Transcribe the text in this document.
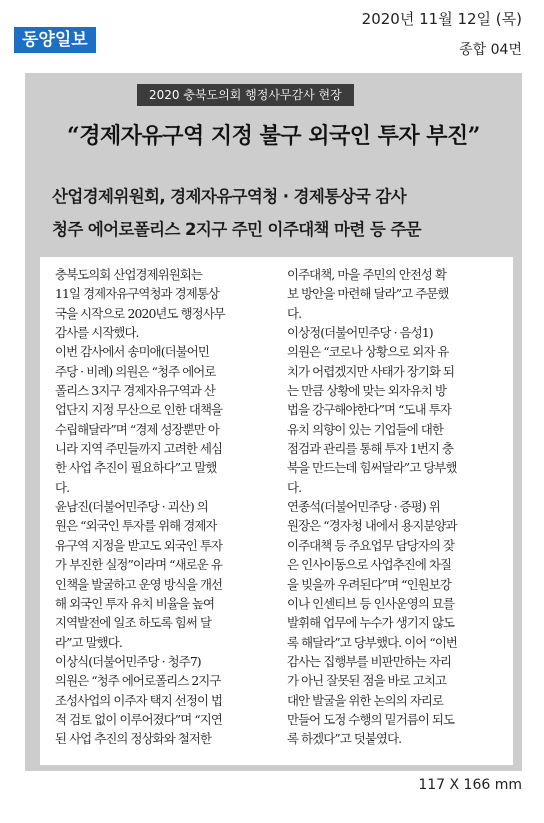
동양일보
2020년 11월 12일 (목)
종합 04면
2020 충북도의회 행정사무감사 현장
“경제자유구역 지정 불구 외국인 투자 부진”
산업경제위원회, 경제자유구역청 · 경제통상국 감사
청주 에어로폴리스 2지구 주민 이주대책 마련 등 주문
충북도의회 산업경제위원회는
11일 경제자유구역청과 경제통상
국을 시작으로 2020년도 행정사무
감사를 시작했다.
이번 감사에서 송미애(더불어민
주당 · 비례) 의원은 “청주 에어로
폴리스 3지구 경제자유구역과 산
업단지 지정 무산으로 인한 대책을
수립해달라”며 “경제 성장뿐만 아
니라 지역 주민들까지 고려한 세심
한 사업 추진이 필요하다”고 말했
다.
윤남진(더불어민주당 · 괴산) 의
원은 “외국인 투자를 위해 경제자
유구역 지정을 받고도 외국인 투자
가 부진한 실정”이라며 “새로운 유
인책을 발굴하고 운영 방식을 개선
해 외국인 투자 유치 비율을 높여
지역발전에 일조 하도록 힘써 달
라”고 말했다.
이상식(더불어민주당 · 청주7)
의원은 “청주 에어로폴리스 2지구
조성사업의 이주자 택지 선정이 법
적 검토 없이 이루어졌다”며 “지연
된 사업 추진의 정상화와 철저한
이주대책, 마을 주민의 안전성 확
보 방안을 마련해 달라”고 주문했
다.
이상정(더불어민주당 · 음성1)
의원은 “코로나 상황으로 외자 유
치가 어렵겠지만 사태가 장기화 되
는 만큼 상황에 맞는 외자유치 방
법을 강구해야한다”며 “도내 투자
유치 의향이 있는 기업들에 대한
점검과 관리를 통해 투자 1번지 충
북을 만드는데 힘써달라”고 당부했
다.
연종석(더불어민주당 · 증평) 위
원장은 “경자청 내에서 용지분양과
이주대책 등 주요업무 담당자의 잦
은 인사이동으로 사업추진에 차질
을 빚을까 우려된다”며 “인원보강
이나 인센티브 등 인사운영의 묘를
발휘해 업무에 누수가 생기지 않도
록 해달라”고 당부했다. 이어 “이번
감사는 집행부를 비판만하는 자리
가 아닌 잘못된 점을 바로 고치고
대안 발굴을 위한 논의의 자리로
만들어 도정 수행의 밑거름이 되도
록 하겠다”고 덧붙였다.
117 X 166 mm
